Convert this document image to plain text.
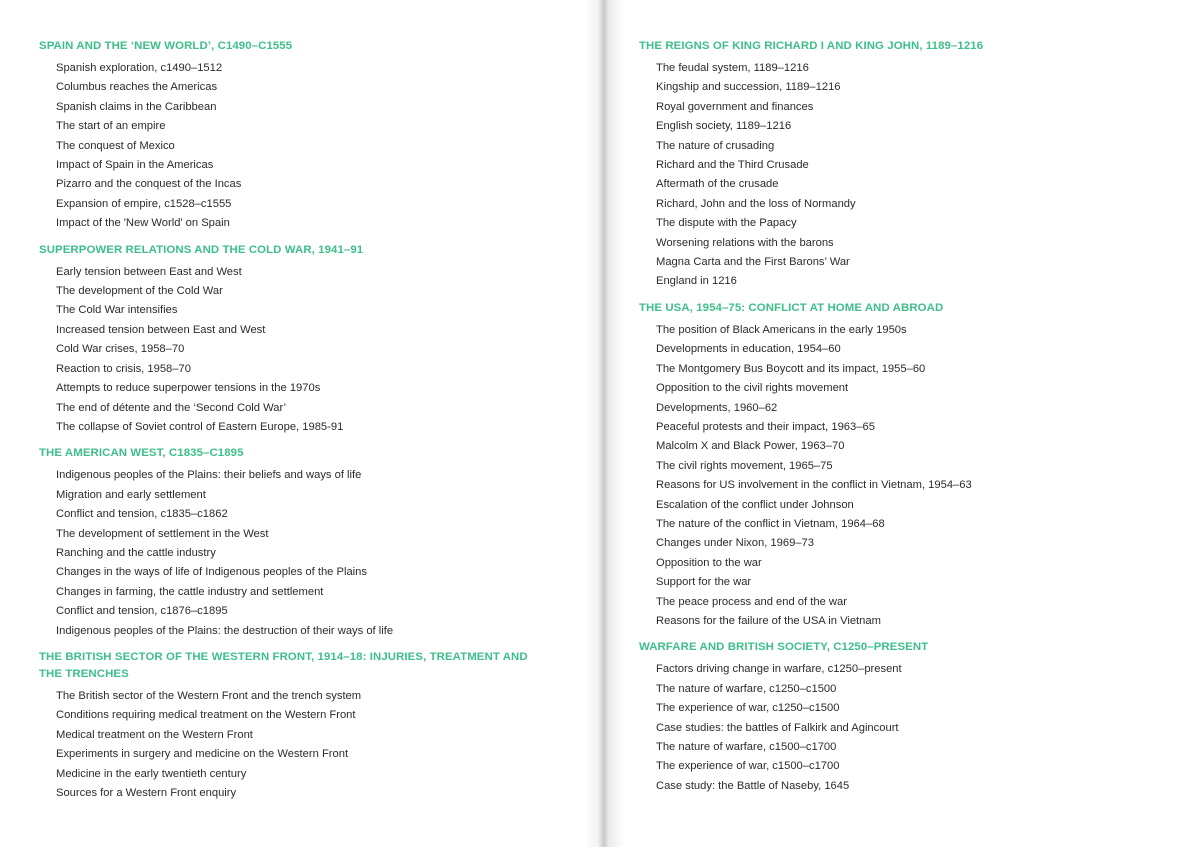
SPAIN AND THE ‘NEW WORLD’, C1490–C1555
Spanish exploration, c1490–1512
Columbus reaches the Americas
Spanish claims in the Caribbean
The start of an empire
The conquest of Mexico
Impact of Spain in the Americas
Pizarro and the conquest of the Incas
Expansion of empire, c1528–c1555
Impact of the 'New World' on Spain
SUPERPOWER RELATIONS AND THE COLD WAR, 1941–91
Early tension between East and West
The development of the Cold War
The Cold War intensifies
Increased tension between East and West
Cold War crises, 1958–70
Reaction to crisis, 1958–70
Attempts to reduce superpower tensions in the 1970s
The end of détente and the ‘Second Cold War’
The collapse of Soviet control of Eastern Europe, 1985-91
THE AMERICAN WEST, C1835–C1895
Indigenous peoples of the Plains: their beliefs and ways of life
Migration and early settlement
Conflict and tension, c1835–c1862
The development of settlement in the West
Ranching and the cattle industry
Changes in the ways of life of Indigenous peoples of the Plains
Changes in farming, the cattle industry and settlement
Conflict and tension, c1876–c1895
Indigenous peoples of the Plains: the destruction of their ways of life
THE BRITISH SECTOR OF THE WESTERN FRONT, 1914–18: INJURIES, TREATMENT AND THE TRENCHES
The British sector of the Western Front and the trench system
Conditions requiring medical treatment on the Western Front
Medical treatment on the Western Front
Experiments in surgery and medicine on the Western Front
Medicine in the early twentieth century
Sources for a Western Front enquiry
THE REIGNS OF KING RICHARD I AND KING JOHN, 1189–1216
The feudal system, 1189–1216
Kingship and succession, 1189–1216
Royal government and finances
English society, 1189–1216
The nature of crusading
Richard and the Third Crusade
Aftermath of the crusade
Richard, John and the loss of Normandy
The dispute with the Papacy
Worsening relations with the barons
Magna Carta and the First Barons’ War
England in 1216
THE USA, 1954–75: CONFLICT AT HOME AND ABROAD
The position of Black Americans in the early 1950s
Developments in education, 1954–60
The Montgomery Bus Boycott and its impact, 1955–60
Opposition to the civil rights movement
Developments, 1960–62
Peaceful protests and their impact, 1963–65
Malcolm X and Black Power, 1963–70
The civil rights movement, 1965–75
Reasons for US involvement in the conflict in Vietnam, 1954–63
Escalation of the conflict under Johnson
The nature of the conflict in Vietnam, 1964–68
Changes under Nixon, 1969–73
Opposition to the war
Support for the war
The peace process and end of the war
Reasons for the failure of the USA in Vietnam
WARFARE AND BRITISH SOCIETY, C1250–PRESENT
Factors driving change in warfare, c1250–present
The nature of warfare, c1250–c1500
The experience of war, c1250–c1500
Case studies: the battles of Falkirk and Agincourt
The nature of warfare, c1500–c1700
The experience of war, c1500–c1700
Case study: the Battle of Naseby, 1645
